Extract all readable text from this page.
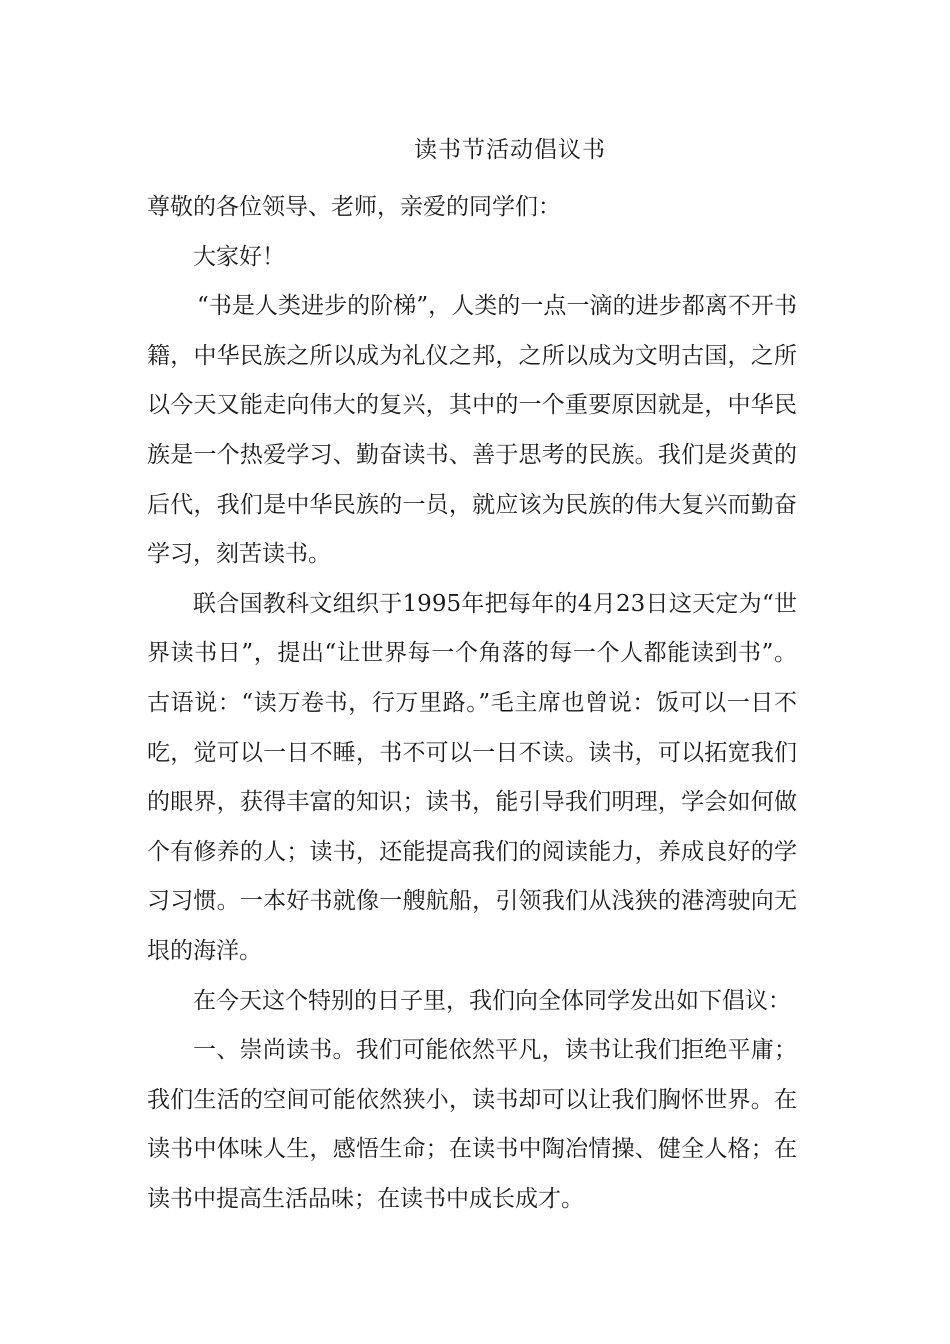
读书节活动倡议书

尊敬的各位领导、老师，亲爱的同学们：

大家好！

“书是人类进步的阶梯”，人类的一点一滴的进步都离不开书籍，中华民族之所以成为礼仪之邦，之所以成为文明古国，之所以今天又能走向伟大的复兴，其中的一个重要原因就是，中华民族是一个热爱学习、勤奋读书、善于思考的民族。我们是炎黄的后代，我们是中华民族的一员，就应该为民族的伟大复兴而勤奋学习，刻苦读书。

联合国教科文组织于1995年把每年的4月23日这天定为“世界读书日”，提出“让世界每一个角落的每一个人都能读到书”。古语说：“读万卷书，行万里路。”毛主席也曾说：饭可以一日不吃，觉可以一日不睡，书不可以一日不读。读书，可以拓宽我们的眼界，获得丰富的知识；读书，能引导我们明理，学会如何做个有修养的人；读书，还能提高我们的阅读能力，养成良好的学习习惯。一本好书就像一艘航船，引领我们从浅狭的港湾驶向无垠的海洋。

在今天这个特别的日子里，我们向全体同学发出如下倡议：

一、崇尚读书。我们可能依然平凡，读书让我们拒绝平庸；我们生活的空间可能依然狭小，读书却可以让我们胸怀世界。在读书中体味人生，感悟生命；在读书中陶冶情操、健全人格；在读书中提高生活品味；在读书中成长成才。
